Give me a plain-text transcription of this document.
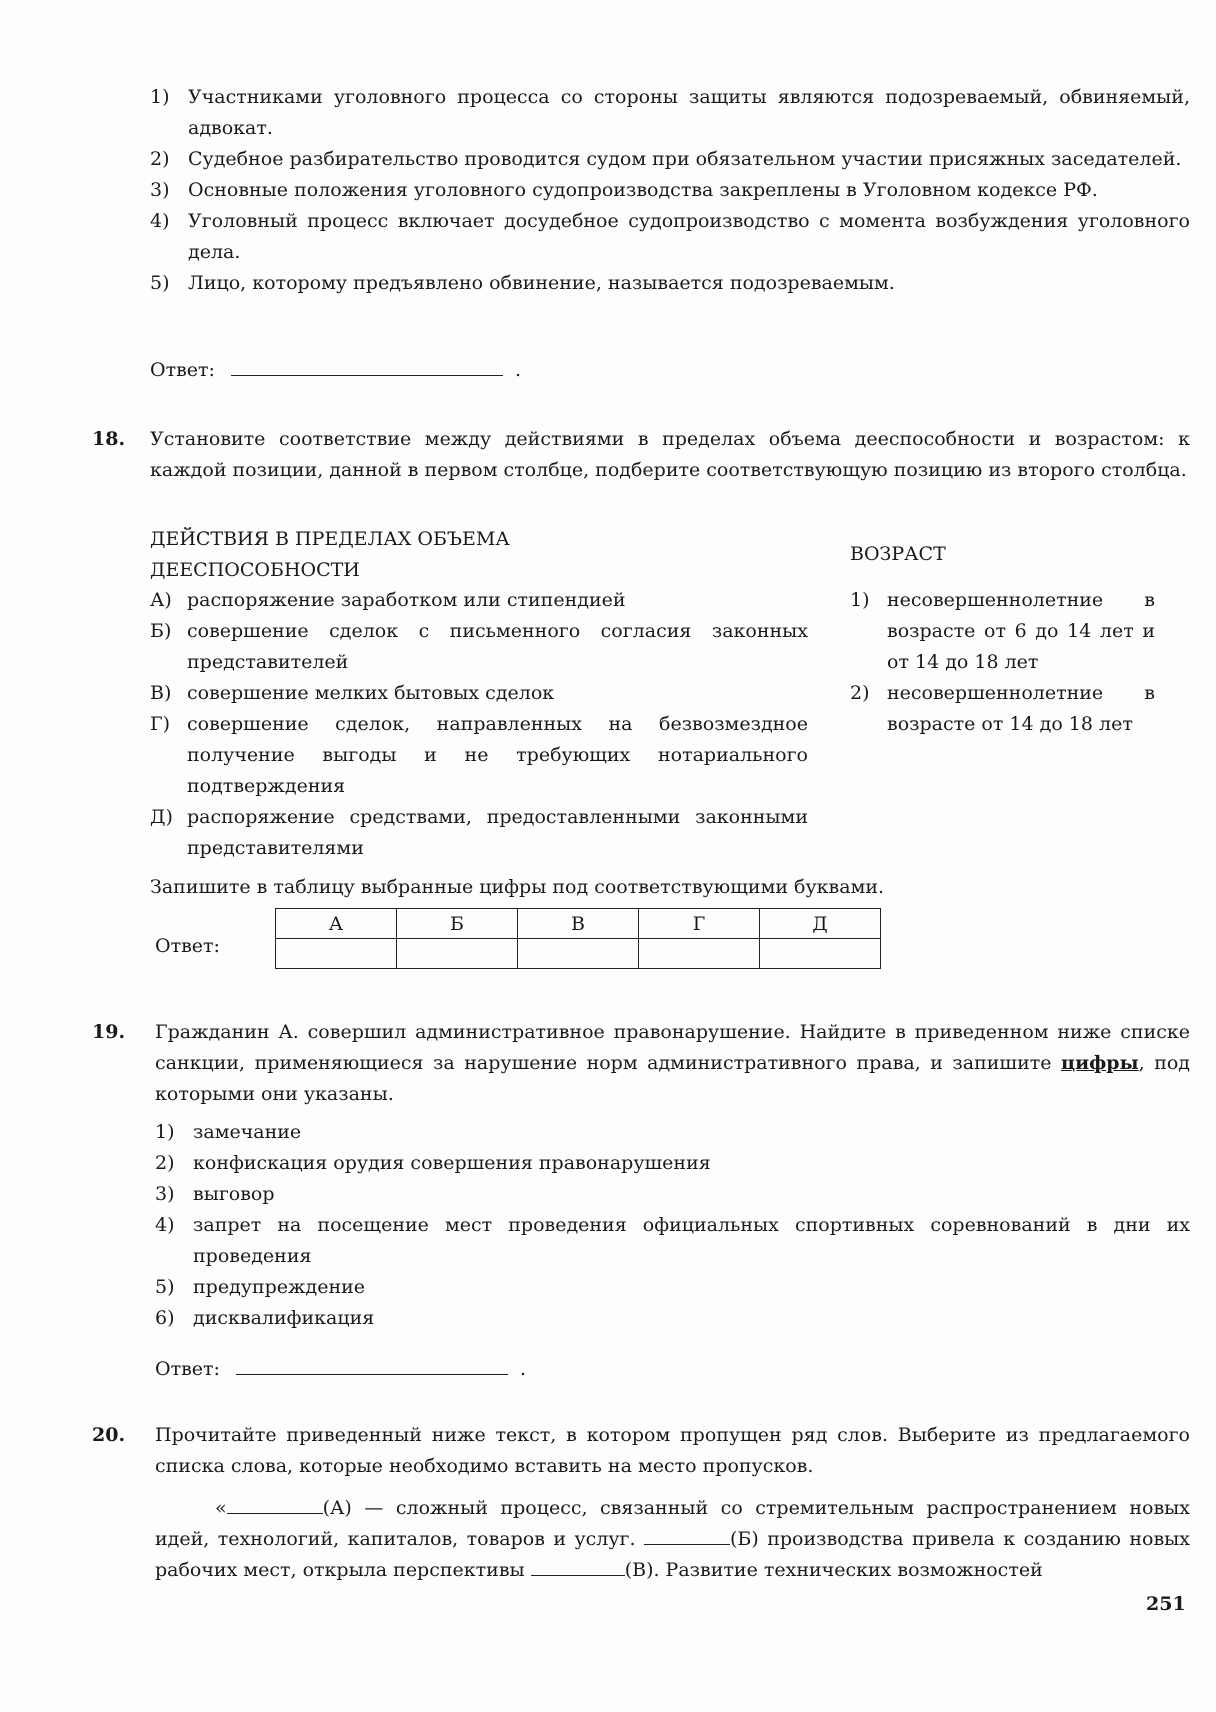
1) Участниками уголовного процесса со стороны защиты являются подозреваемый, обвиняемый, адвокат.
2) Судебное разбирательство проводится судом при обязательном участии присяжных заседателей.
3) Основные положения уголовного судопроизводства закреплены в Уголовном кодексе РФ.
4) Уголовный процесс включает досудебное судопроизводство с момента возбуждения уголовного дела.
5) Лицо, которому предъявлено обвинение, называется подозреваемым.
Ответ:	.
18. Установите соответствие между действиями в пределах объема дееспособности и возрастом: к каждой позиции, данной в первом столбце, подберите соответствующую позицию из второго столбца.
ДЕЙСТВИЯ В ПРЕДЕЛАХ ОБЪЕМА
ДЕЕСПОСОБНОСТИ
ВОЗРАСТ
А) распоряжение заработком или стипендией
Б) совершение сделок с письменного согласия законных представителей
В) совершение мелких бытовых сделок
Г) совершение сделок, направленных на безвозмездное получение выгоды и не требующих нотариального подтверждения
Д) распоряжение средствами, предоставленными законными представителями
1) несовершеннолетние в возрасте от 6 до 14 лет и от 14 до 18 лет
2) несовершеннолетние в возрасте от 14 до 18 лет
Запишите в таблицу выбранные цифры под соответствующими буквами.
Ответ:
А	Б	В	Г	Д

19. Гражданин А. совершил административное правонарушение. Найдите в приведенном ниже списке санкции, применяющиеся за нарушение норм административного права, и запишите цифры, под которыми они указаны.
1) замечание
2) конфискация орудия совершения правонарушения
3) выговор
4) запрет на посещение мест проведения официальных спортивных соревнований в дни их проведения
5) предупреждение
6) дисквалификация
Ответ:	.
20. Прочитайте приведенный ниже текст, в котором пропущен ряд слов. Выберите из предлагаемого списка слова, которые необходимо вставить на место пропусков.
«	(А) — сложный процесс, связанный со стремительным распространением новых идей, технологий, капиталов, товаров и услуг.	(Б) производства привела к созданию новых рабочих мест, открыла перспективы	(В). Развитие технических возможностей
251
